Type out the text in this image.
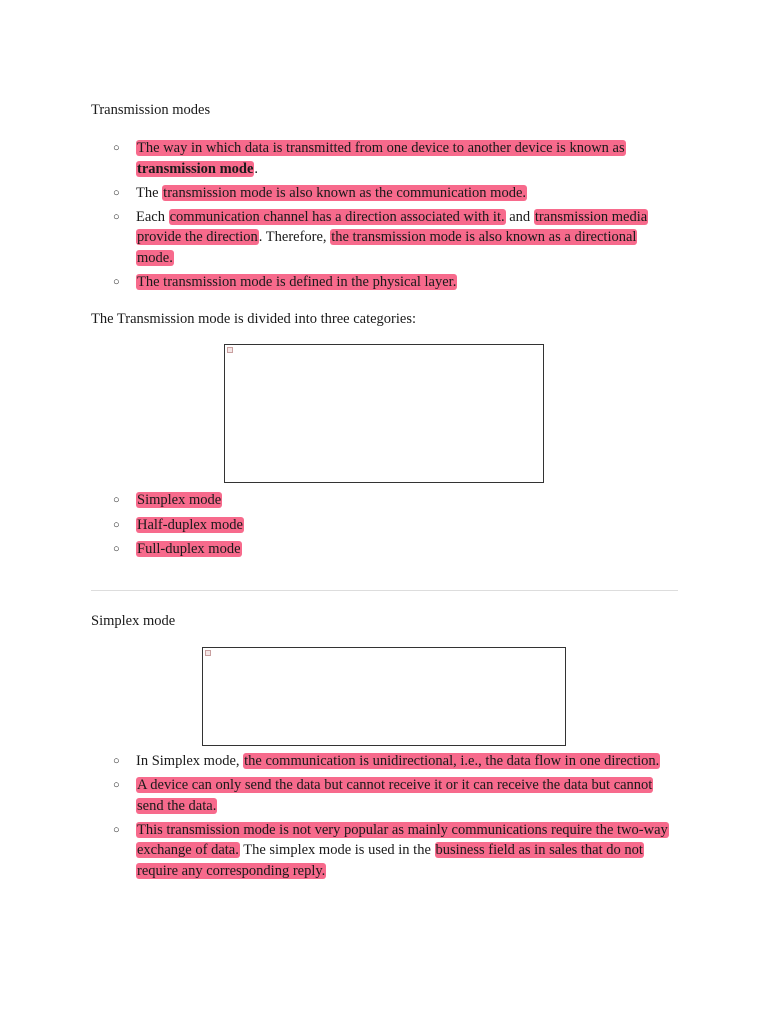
Transmission modes
○ The way in which data is transmitted from one device to another device is known as transmission mode.
○ The transmission mode is also known as the communication mode.
○ Each communication channel has a direction associated with it. and transmission media provide the direction. Therefore, the transmission mode is also known as a directional mode.
○ The transmission mode is defined in the physical layer.

The Transmission mode is divided into three categories:

○ Simplex mode
○ Half-duplex mode
○ Full-duplex mode
Simplex mode
○ In Simplex mode, the communication is unidirectional, i.e., the data flow in one direction.
○ A device can only send the data but cannot receive it or it can receive the data but cannot send the data.
○ This transmission mode is not very popular as mainly communications require the two-way exchange of data. The simplex mode is used in the business field as in sales that do not require any corresponding reply.
